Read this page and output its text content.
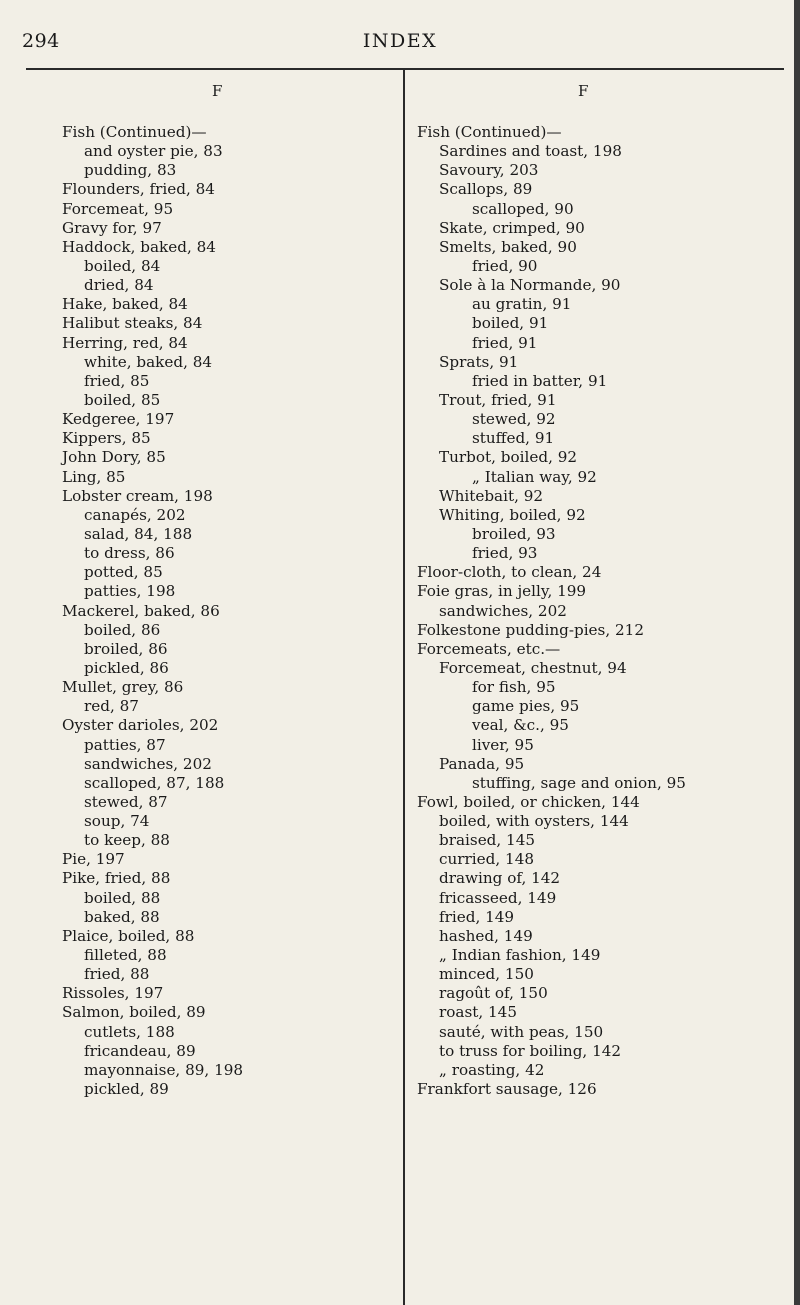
294	INDEX
F
Fish (Continued)—
and oyster pie, 83
pudding, 83
Flounders, fried, 84
Forcemeat, 95
Gravy for, 97
Haddock, baked, 84
boiled, 84
dried, 84
Hake, baked, 84
Halibut steaks, 84
Herring, red, 84
white, baked, 84
fried, 85
boiled, 85
Kedgeree, 197
Kippers, 85
John Dory, 85
Ling, 85
Lobster cream, 198
canapés, 202
salad, 84, 188
to dress, 86
potted, 85
patties, 198
Mackerel, baked, 86
boiled, 86
broiled, 86
pickled, 86
Mullet, grey, 86
red, 87
Oyster darioles, 202
patties, 87
sandwiches, 202
scalloped, 87, 188
stewed, 87
soup, 74
to keep, 88
Pie, 197
Pike, fried, 88
boiled, 88
baked, 88
Plaice, boiled, 88
filleted, 88
fried, 88
Rissoles, 197
Salmon, boiled, 89
cutlets, 188
fricandeau, 89
mayonnaise, 89, 198
pickled, 89
F
Fish (Continued)—
Sardines and toast, 198
Savoury, 203
Scallops, 89
scalloped, 90
Skate, crimped, 90
Smelts, baked, 90
fried, 90
Sole à la Normande, 90
au gratin, 91
boiled, 91
fried, 91
Sprats, 91
fried in batter, 91
Trout, fried, 91
stewed, 92
stuffed, 91
Turbot, boiled, 92
„ Italian way, 92
Whitebait, 92
Whiting, boiled, 92
broiled, 93
fried, 93
Floor-cloth, to clean, 24
Foie gras, in jelly, 199
sandwiches, 202
Folkestone pudding-pies, 212
Forcemeats, etc.—
Forcemeat, chestnut, 94
for fish, 95
game pies, 95
veal, &c., 95
liver, 95
Panada, 95
stuffing, sage and onion, 95
Fowl, boiled, or chicken, 144
boiled, with oysters, 144
braised, 145
curried, 148
drawing of, 142
fricasseed, 149
fried, 149
hashed, 149
„ Indian fashion, 149
minced, 150
ragoût of, 150
roast, 145
sauté, with peas, 150
to truss for boiling, 142
„ roasting, 42
Frankfort sausage, 126
